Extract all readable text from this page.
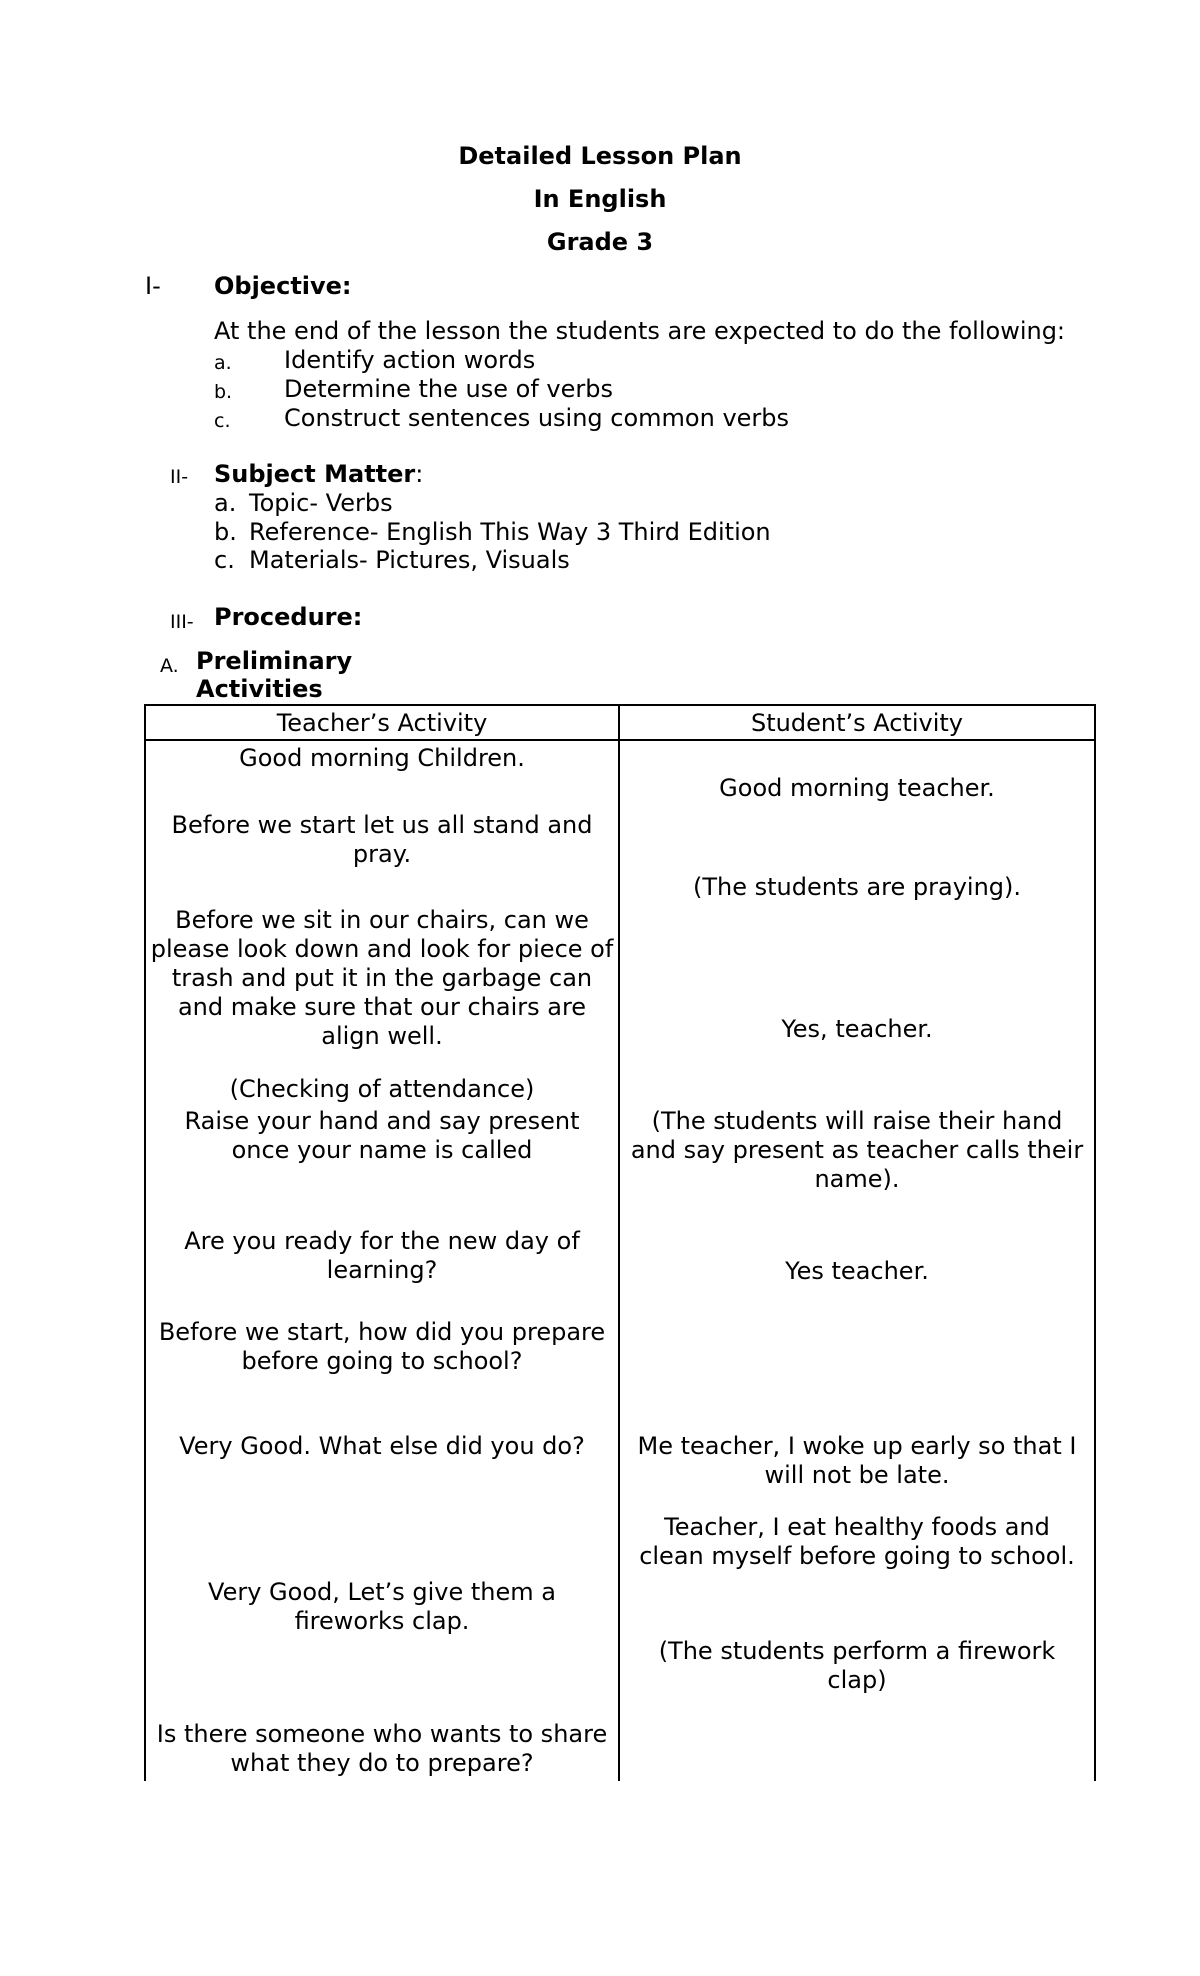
Detailed Lesson Plan
In English
Grade 3
I- Objective:
At the end of the lesson the students are expected to do the following:
a. Identify action words
b. Determine the use of verbs
c. Construct sentences using common verbs
II- Subject Matter:
a. Topic- Verbs
b. Reference- English This Way 3 Third Edition
c. Materials- Pictures, Visuals
III- Procedure:
A. Preliminary
Activities
Teacher’s Activity	Student’s Activity
Good morning Children.
Before we start let us all stand and pray.
Before we sit in our chairs, can we please look down and look for piece of trash and put it in the garbage can and make sure that our chairs are align well.
(Checking of attendance)
Raise your hand and say present once your name is called
Are you ready for the new day of learning?
Before we start, how did you prepare before going to school?
Very Good. What else did you do?
Very Good, Let’s give them a fireworks clap.
Is there someone who wants to share what they do to prepare?
Good morning teacher.
(The students are praying).
Yes, teacher.
(The students will raise their hand and say present as teacher calls their name).
Yes teacher.
Me teacher, I woke up early so that I will not be late.
Teacher, I eat healthy foods and clean myself before going to school.
(The students perform a firework clap)
